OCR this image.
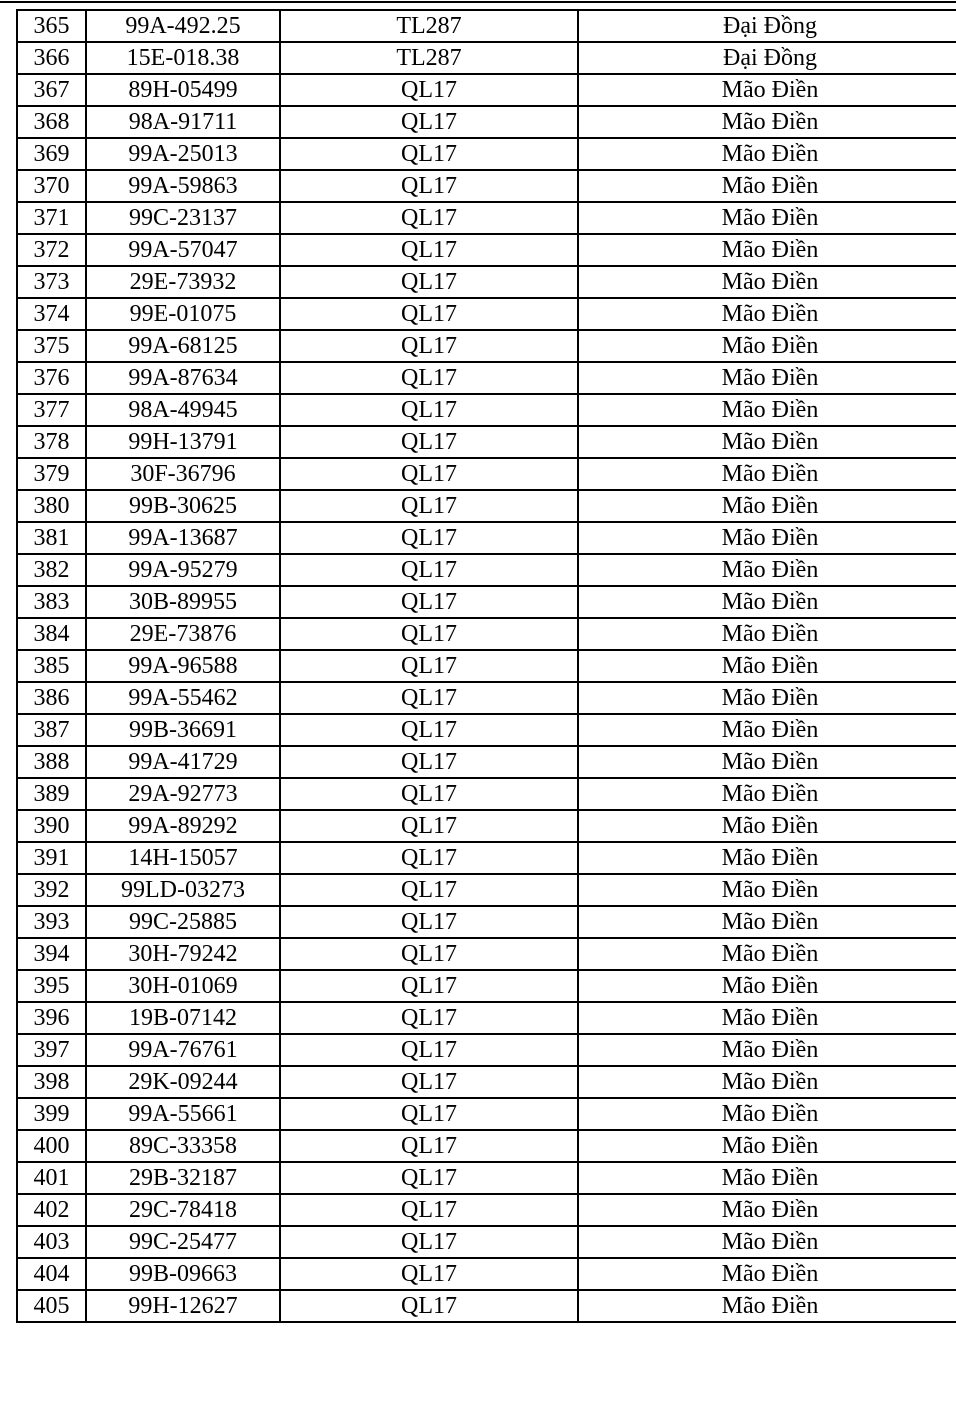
365	99A-492.25	TL287	Đại Đồng
366	15E-018.38	TL287	Đại Đồng
367	89H-05499	QL17	Mão Điền
368	98A-91711	QL17	Mão Điền
369	99A-25013	QL17	Mão Điền
370	99A-59863	QL17	Mão Điền
371	99C-23137	QL17	Mão Điền
372	99A-57047	QL17	Mão Điền
373	29E-73932	QL17	Mão Điền
374	99E-01075	QL17	Mão Điền
375	99A-68125	QL17	Mão Điền
376	99A-87634	QL17	Mão Điền
377	98A-49945	QL17	Mão Điền
378	99H-13791	QL17	Mão Điền
379	30F-36796	QL17	Mão Điền
380	99B-30625	QL17	Mão Điền
381	99A-13687	QL17	Mão Điền
382	99A-95279	QL17	Mão Điền
383	30B-89955	QL17	Mão Điền
384	29E-73876	QL17	Mão Điền
385	99A-96588	QL17	Mão Điền
386	99A-55462	QL17	Mão Điền
387	99B-36691	QL17	Mão Điền
388	99A-41729	QL17	Mão Điền
389	29A-92773	QL17	Mão Điền
390	99A-89292	QL17	Mão Điền
391	14H-15057	QL17	Mão Điền
392	99LD-03273	QL17	Mão Điền
393	99C-25885	QL17	Mão Điền
394	30H-79242	QL17	Mão Điền
395	30H-01069	QL17	Mão Điền
396	19B-07142	QL17	Mão Điền
397	99A-76761	QL17	Mão Điền
398	29K-09244	QL17	Mão Điền
399	99A-55661	QL17	Mão Điền
400	89C-33358	QL17	Mão Điền
401	29B-32187	QL17	Mão Điền
402	29C-78418	QL17	Mão Điền
403	99C-25477	QL17	Mão Điền
404	99B-09663	QL17	Mão Điền
405	99H-12627	QL17	Mão Điền
